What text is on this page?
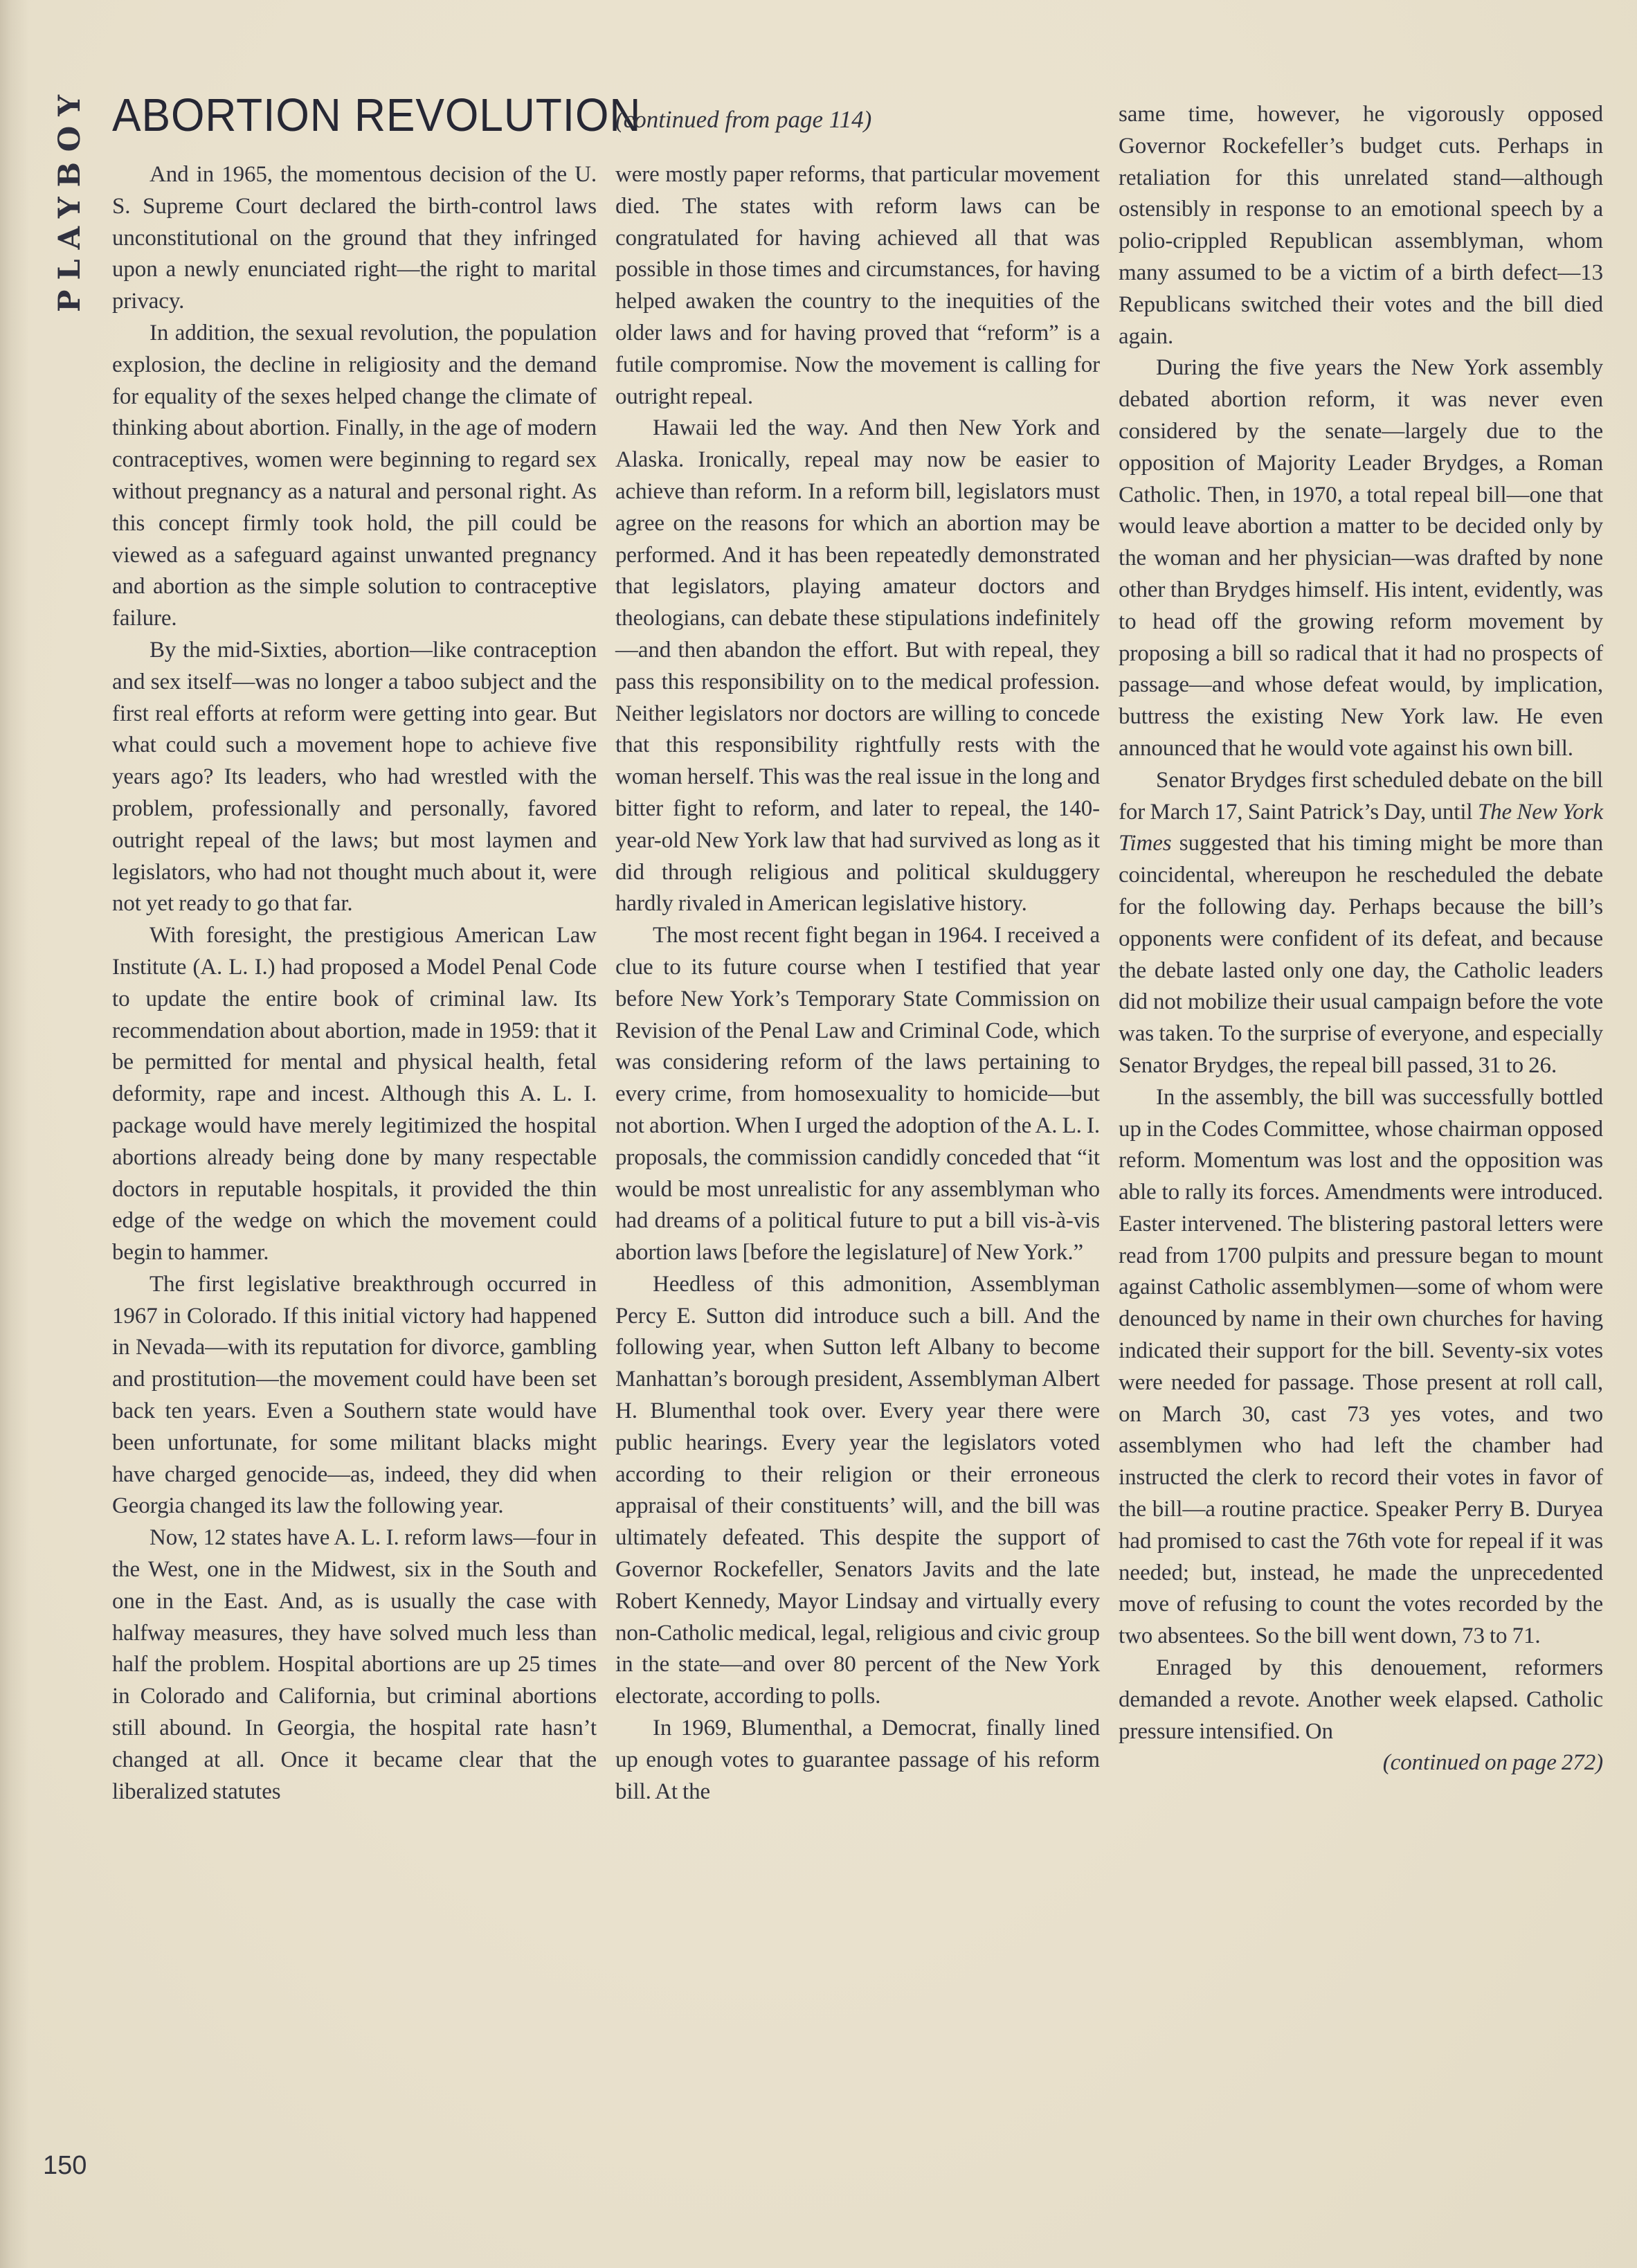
PLAYBOY ABORTION REVOLUTION

And in 1965, the momentous decision of the U. S. Supreme Court declared the birth-control laws unconstitutional on the ground that they infringed upon a newly enunciated right—the right to marital privacy.

In addition, the sexual revolution, the population explosion, the decline in religiosity and the demand for equality of the sexes helped change the climate of thinking about abortion. Finally, in the age of modern contraceptives, women were beginning to regard sex without pregnancy as a natural and personal right. As this concept firmly took hold, the pill could be viewed as a safeguard against unwanted pregnancy and abortion as the simple solution to contraceptive failure.

By the mid-Sixties, abortion—like contraception and sex itself—was no longer a taboo subject and the first real efforts at reform were getting into gear. But what could such a movement hope to achieve five years ago? Its leaders, who had wrestled with the problem, professionally and personally, favored outright repeal of the laws; but most laymen and legislators, who had not thought much about it, were not yet ready to go that far.

With foresight, the prestigious American Law Institute (A. L. I.) had proposed a Model Penal Code to update the entire book of criminal law. Its recommendation about abortion, made in 1959: that it be permitted for mental and physical health, fetal deformity, rape and incest. Although this A. L. I. package would have merely legitimized the hospital abortions already being done by many respectable doctors in reputable hospitals, it provided the thin edge of the wedge on which the movement could begin to hammer.

The first legislative breakthrough occurred in 1967 in Colorado. If this initial victory had happened in Nevada—with its reputation for divorce, gambling and prostitution—the movement could have been set back ten years. Even a Southern state would have been unfortunate, for some militant blacks might have charged genocide—as, indeed, they did when Georgia changed its law the following year.

Now, 12 states have A. L. I. reform laws—four in the West, one in the Midwest, six in the South and one in the East. And, as is usually the case with halfway measures, they have solved much less than half the problem. Hospital abortions are up 25 times in Colorado and California, but criminal abortions still abound. In Georgia, the hospital rate hasn’t changed at all. Once it became clear that the liberalized statutes

(continued from page 114)

were mostly paper reforms, that particular movement died. The states with reform laws can be congratulated for having achieved all that was possible in those times and circumstances, for having helped awaken the country to the inequities of the older laws and for having proved that “reform” is a futile compromise. Now the movement is calling for outright repeal.

Hawaii led the way. And then New York and Alaska. Ironically, repeal may now be easier to achieve than reform. In a reform bill, legislators must agree on the reasons for which an abortion may be performed. And it has been repeatedly demonstrated that legislators, playing amateur doctors and theologians, can debate these stipulations indefinitely—and then abandon the effort. But with repeal, they pass this responsibility on to the medical profession. Neither legislators nor doctors are willing to concede that this responsibility rightfully rests with the woman herself. This was the real issue in the long and bitter fight to reform, and later to repeal, the 140-year-old New York law that had survived as long as it did through religious and political skulduggery hardly rivaled in American legislative history.

The most recent fight began in 1964. I received a clue to its future course when I testified that year before New York’s Temporary State Commission on Revision of the Penal Law and Criminal Code, which was considering reform of the laws pertaining to every crime, from homosexuality to homicide—but not abortion. When I urged the adoption of the A. L. I. proposals, the commission candidly conceded that “it would be most unrealistic for any assemblyman who had dreams of a political future to put a bill vis-à-vis abortion laws [before the legislature] of New York.”

Heedless of this admonition, Assemblyman Percy E. Sutton did introduce such a bill. And the following year, when Sutton left Albany to become Manhattan’s borough president, Assemblyman Albert H. Blumenthal took over. Every year there were public hearings. Every year the legislators voted according to their religion or their erroneous appraisal of their constituents’ will, and the bill was ultimately defeated. This despite the support of Governor Rockefeller, Senators Javits and the late Robert Kennedy, Mayor Lindsay and virtually every non-Catholic medical, legal, religious and civic group in the state—and over 80 percent of the New York electorate, according to polls.

In 1969, Blumenthal, a Democrat, finally lined up enough votes to guarantee passage of his reform bill. At the

same time, however, he vigorously opposed Governor Rockefeller’s budget cuts. Perhaps in retaliation for this unrelated stand—although ostensibly in response to an emotional speech by a polio-crippled Republican assemblyman, whom many assumed to be a victim of a birth defect—13 Republicans switched their votes and the bill died again.

During the five years the New York assembly debated abortion reform, it was never even considered by the senate—largely due to the opposition of Majority Leader Brydges, a Roman Catholic. Then, in 1970, a total repeal bill—one that would leave abortion a matter to be decided only by the woman and her physician—was drafted by none other than Brydges himself. His intent, evidently, was to head off the growing reform movement by proposing a bill so radical that it had no prospects of passage—and whose defeat would, by implication, buttress the existing New York law. He even announced that he would vote against his own bill.

Senator Brydges first scheduled debate on the bill for March 17, Saint Patrick’s Day, until The New York Times suggested that his timing might be more than coincidental, whereupon he rescheduled the debate for the following day. Perhaps because the bill’s opponents were confident of its defeat, and because the debate lasted only one day, the Catholic leaders did not mobilize their usual campaign before the vote was taken. To the surprise of everyone, and especially Senator Brydges, the repeal bill passed, 31 to 26.

In the assembly, the bill was successfully bottled up in the Codes Committee, whose chairman opposed reform. Momentum was lost and the opposition was able to rally its forces. Amendments were introduced. Easter intervened. The blistering pastoral letters were read from 1700 pulpits and pressure began to mount against Catholic assemblymen—some of whom were denounced by name in their own churches for having indicated their support for the bill. Seventy-six votes were needed for passage. Those present at roll call, on March 30, cast 73 yes votes, and two assemblymen who had left the chamber had instructed the clerk to record their votes in favor of the bill—a routine practice. Speaker Perry B. Duryea had promised to cast the 76th vote for repeal if it was needed; but, instead, he made the unprecedented move of refusing to count the votes recorded by the two absentees. So the bill went down, 73 to 71.

Enraged by this denouement, reformers demanded a revote. Another week elapsed. Catholic pressure intensified. On

(continued on page 272)

150
